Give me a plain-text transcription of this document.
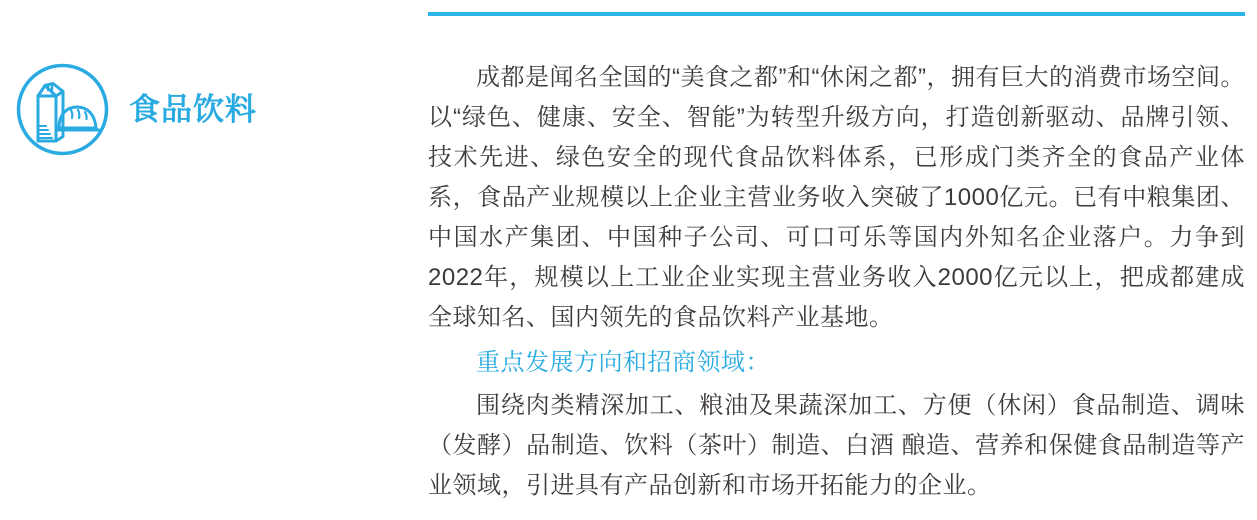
食品饮料

成都是闻名全国的“美食之都”和“休闲之都”，拥有巨大的消费市场空间。以“绿色、健康、安全、智能”为转型升级方向，打造创新驱动、品牌引领、技术先进、绿色安全的现代食品饮料体系，已形成门类齐全的食品产业体系，食品产业规模以上企业主营业务收入突破了1000亿元。已有中粮集团、中国水产集团、中国种子公司、可口可乐等国内外知名企业落户。力争到2022年，规模以上工业企业实现主营业务收入2000亿元以上，把成都建成全球知名、国内领先的食品饮料产业基地。

重点发展方向和招商领域：

围绕肉类精深加工、粮油及果蔬深加工、方便（休闲）食品制造、调味（发酵）品制造、饮料（茶叶）制造、白酒 酿造、营养和保健食品制造等产业领域，引进具有产品创新和市场开拓能力的企业。
